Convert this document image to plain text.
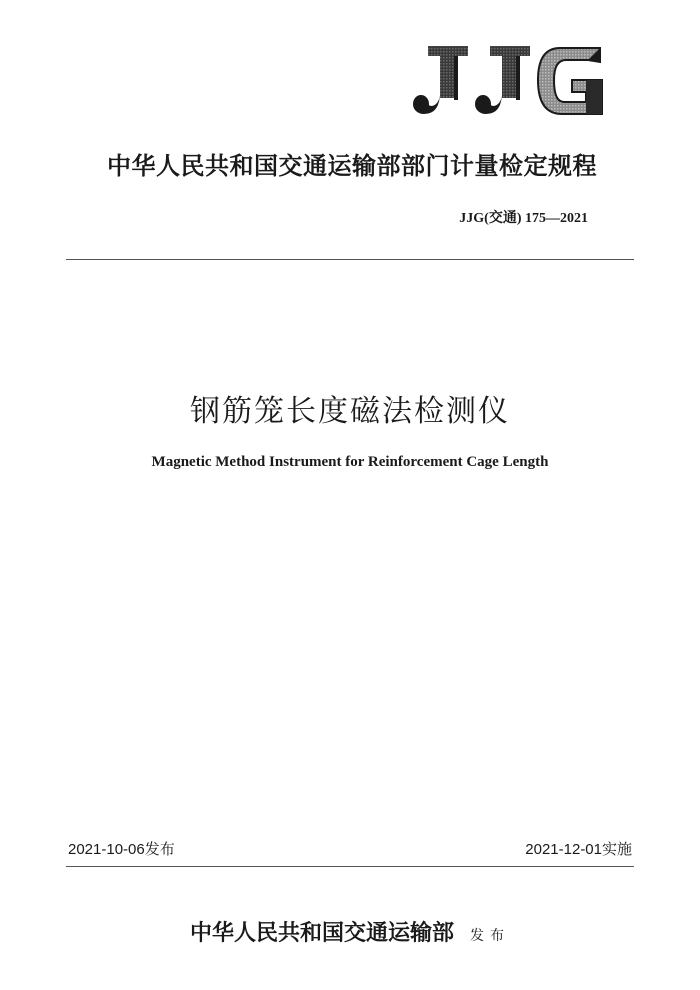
中华人民共和国交通运输部部门计量检定规程
JJG(交通) 175—2021
钢筋笼长度磁法检测仪
Magnetic Method Instrument for Reinforcement Cage Length
2021-10-06发布	2021-12-01实施
中华人民共和国交通运输部 发布
